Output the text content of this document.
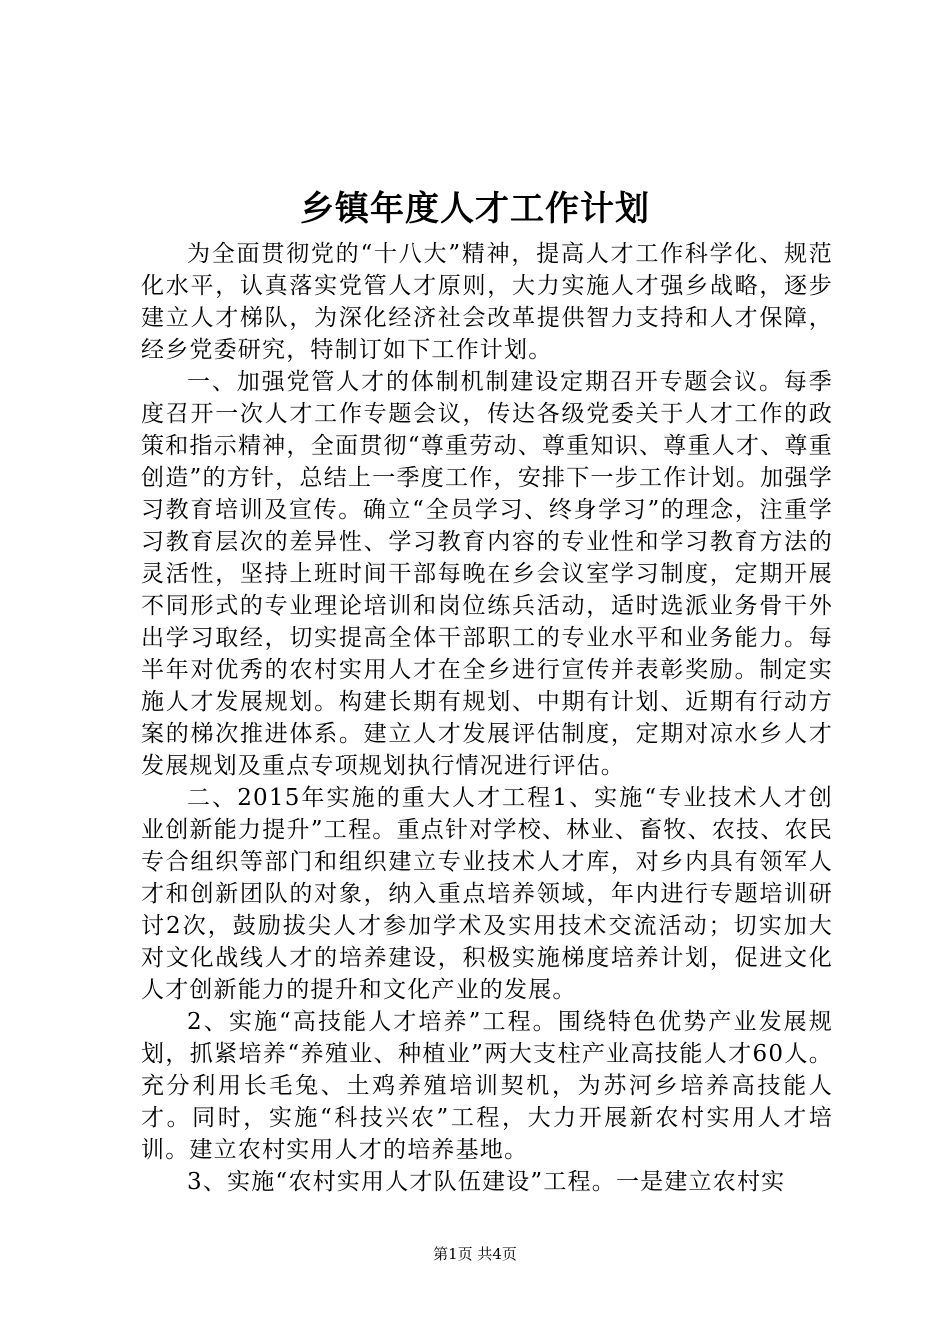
乡镇年度人才工作计划

为全面贯彻党的“十八大”精神，提高人才工作科学化、规范化水平，认真落实党管人才原则，大力实施人才强乡战略，逐步建立人才梯队，为深化经济社会改革提供智力支持和人才保障，经乡党委研究，特制订如下工作计划。

一、加强党管人才的体制机制建设定期召开专题会议。每季度召开一次人才工作专题会议，传达各级党委关于人才工作的政策和指示精神，全面贯彻“尊重劳动、尊重知识、尊重人才、尊重创造”的方针，总结上一季度工作，安排下一步工作计划。加强学习教育培训及宣传。确立“全员学习、终身学习”的理念，注重学习教育层次的差异性、学习教育内容的专业性和学习教育方法的灵活性，坚持上班时间干部每晚在乡会议室学习制度，定期开展不同形式的专业理论培训和岗位练兵活动，适时选派业务骨干外出学习取经，切实提高全体干部职工的专业水平和业务能力。每半年对优秀的农村实用人才在全乡进行宣传并表彰奖励。制定实施人才发展规划。构建长期有规划、中期有计划、近期有行动方案的梯次推进体系。建立人才发展评估制度，定期对凉水乡人才发展规划及重点专项规划执行情况进行评估。

二、2015年实施的重大人才工程1、实施“专业技术人才创业创新能力提升”工程。重点针对学校、林业、畜牧、农技、农民专合组织等部门和组织建立专业技术人才库，对乡内具有领军人才和创新团队的对象，纳入重点培养领域，年内进行专题培训研讨2次，鼓励拔尖人才参加学术及实用技术交流活动；切实加大对文化战线人才的培养建设，积极实施梯度培养计划，促进文化人才创新能力的提升和文化产业的发展。

2、实施“高技能人才培养”工程。围绕特色优势产业发展规划，抓紧培养“养殖业、种植业”两大支柱产业高技能人才60人。充分利用长毛兔、土鸡养殖培训契机，为苏河乡培养高技能人才。同时，实施“科技兴农”工程，大力开展新农村实用人才培训。建立农村实用人才的培养基地。

3、实施“农村实用人才队伍建设”工程。一是建立农村实

第1页 共4页
